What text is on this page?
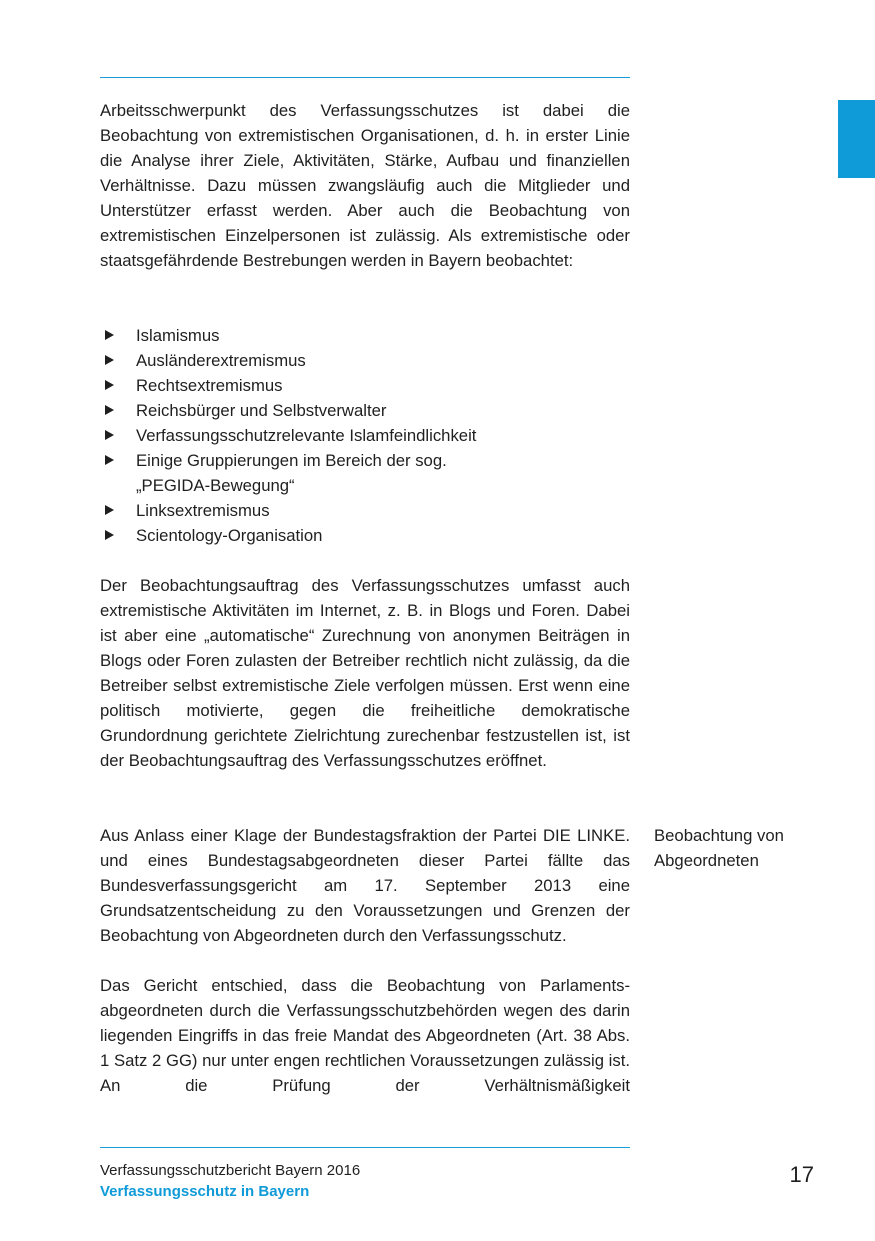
Arbeitsschwerpunkt des Verfassungsschutzes ist dabei die Beobachtung von extremistischen Organisationen, d. h. in erster Linie die Analyse ihrer Ziele, Aktivitäten, Stärke, Aufbau und finanziellen Verhältnisse. Dazu müssen zwangsläufig auch die Mitglieder und Unterstützer erfasst werden. Aber auch die Beobachtung von extremistischen Einzelpersonen ist zulässig. Als extremistische oder staatsgefährdende Bestrebungen werden in Bayern beobachtet:

Islamismus
Ausländerextremismus
Rechtsextremismus
Reichsbürger und Selbstverwalter
Verfassungsschutzrelevante Islamfeindlichkeit
Einige Gruppierungen im Bereich der sog. „PEGIDA-Bewegung“
Linksextremismus
Scientology-Organisation

Der Beobachtungsauftrag des Verfassungsschutzes umfasst auch extremistische Aktivitäten im Internet, z. B. in Blogs und Foren. Dabei ist aber eine „automatische“ Zurechnung von anonymen Beiträgen in Blogs oder Foren zulasten der Betreiber rechtlich nicht zulässig, da die Betreiber selbst extremistische Ziele verfolgen müssen. Erst wenn eine politisch motivierte, gegen die freiheitliche demokratische Grundordnung gerichtete Zielrichtung zurechenbar festzustellen ist, ist der Beobachtungsauftrag des Verfassungsschutzes eröffnet.

Aus Anlass einer Klage der Bundestagsfraktion der Partei DIE LINKE. und eines Bundestagsabgeordneten dieser Partei fällte das Bundesverfassungsgericht am 17. September 2013 eine Grundsatzentscheidung zu den Voraussetzungen und Grenzen der Beobachtung von Abgeordneten durch den Verfassungsschutz.

Beobachtung von
Abgeordneten

Das Gericht entschied, dass die Beobachtung von Parlamentsabgeordneten durch die Verfassungsschutzbehörden wegen des darin liegenden Eingriffs in das freie Mandat des Abgeordneten (Art. 38 Abs. 1 Satz 2 GG) nur unter engen rechtlichen Voraussetzungen zulässig ist. An die Prüfung der Verhältnismäßigkeit

Verfassungsschutzbericht Bayern 2016
Verfassungsschutz in Bayern
17
